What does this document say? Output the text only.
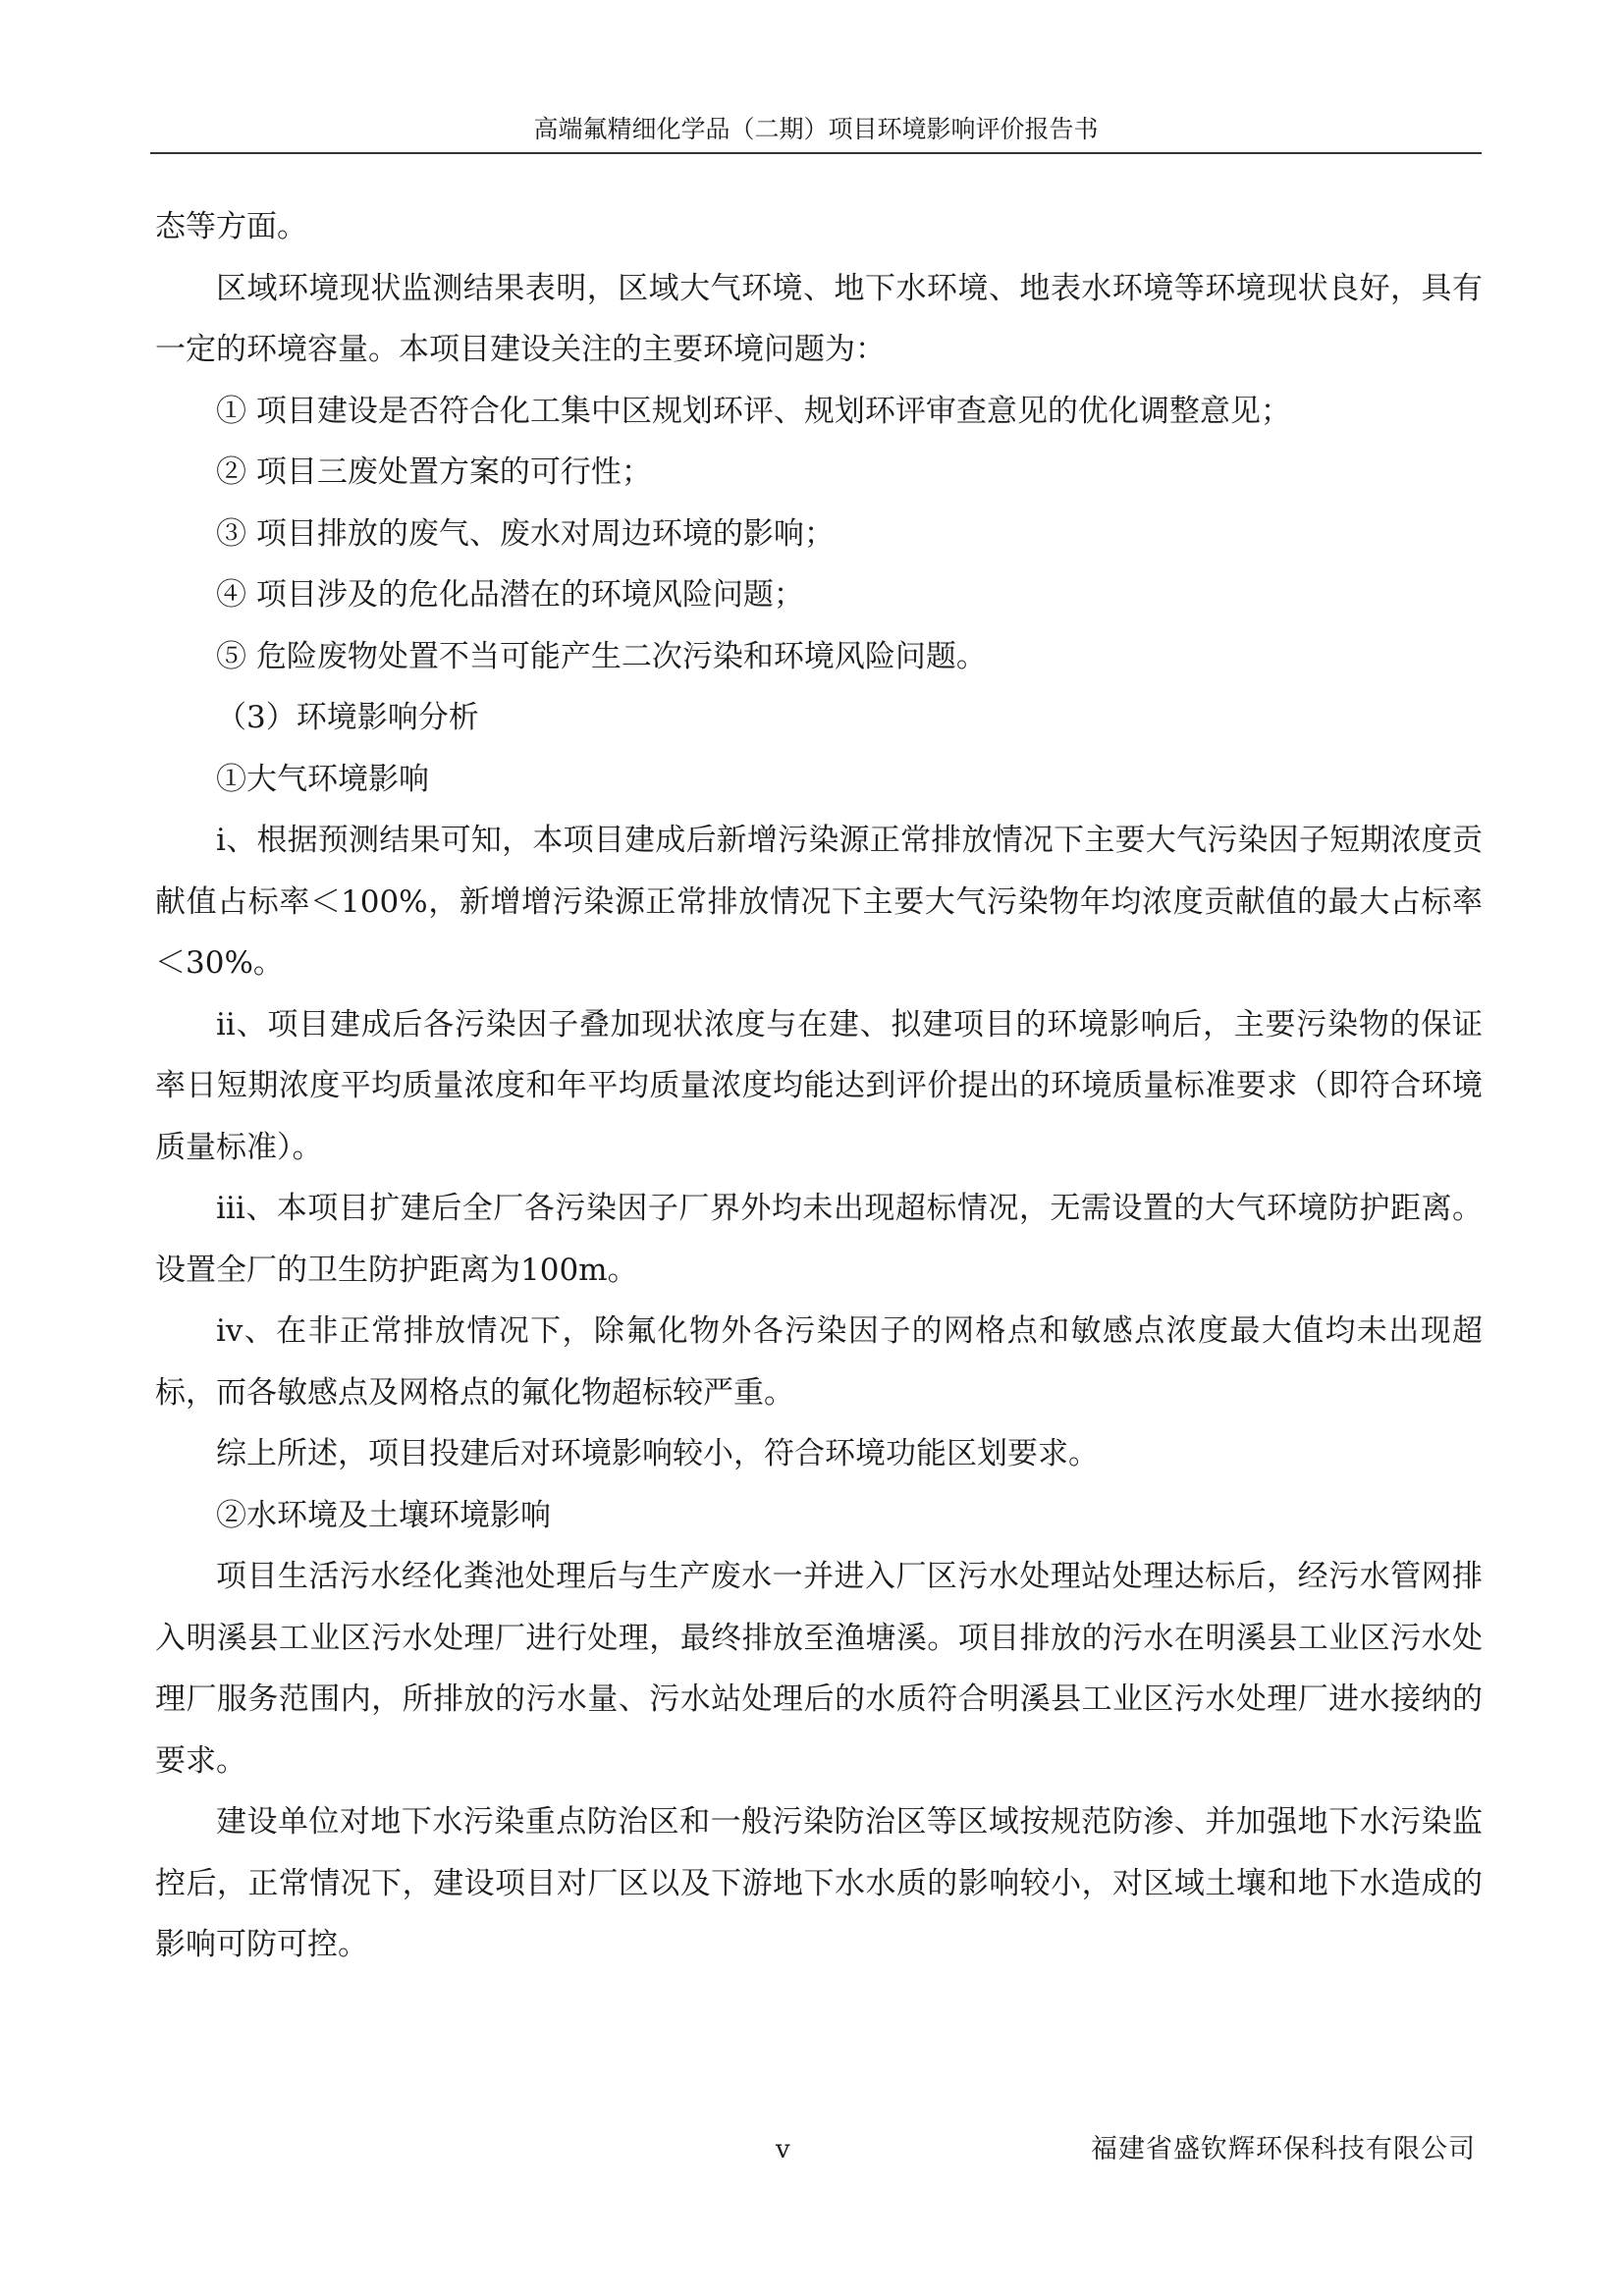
高端氟精细化学品（二期）项目环境影响评价报告书

态等方面。

区域环境现状监测结果表明，区域大气环境、地下水环境、地表水环境等环境现状良好，具有一定的环境容量。本项目建设关注的主要环境问题为：

① 项目建设是否符合化工集中区规划环评、规划环评审查意见的优化调整意见；

② 项目三废处置方案的可行性；

③ 项目排放的废气、废水对周边环境的影响；

④ 项目涉及的危化品潜在的环境风险问题；

⑤ 危险废物处置不当可能产生二次污染和环境风险问题。

（3）环境影响分析

①大气环境影响

i、根据预测结果可知，本项目建成后新增污染源正常排放情况下主要大气污染因子短期浓度贡献值占标率＜100%，新增增污染源正常排放情况下主要大气污染物年均浓度贡献值的最大占标率＜30%。

ii、项目建成后各污染因子叠加现状浓度与在建、拟建项目的环境影响后，主要污染物的保证率日短期浓度平均质量浓度和年平均质量浓度均能达到评价提出的环境质量标准要求（即符合环境质量标准）。

iii、本项目扩建后全厂各污染因子厂界外均未出现超标情况，无需设置的大气环境防护距离。设置全厂的卫生防护距离为100m。

iv、在非正常排放情况下，除氟化物外各污染因子的网格点和敏感点浓度最大值均未出现超标，而各敏感点及网格点的氟化物超标较严重。

综上所述，项目投建后对环境影响较小，符合环境功能区划要求。

②水环境及土壤环境影响

项目生活污水经化粪池处理后与生产废水一并进入厂区污水处理站处理达标后，经污水管网排入明溪县工业区污水处理厂进行处理，最终排放至渔塘溪。项目排放的污水在明溪县工业区污水处理厂服务范围内，所排放的污水量、污水站处理后的水质符合明溪县工业区污水处理厂进水接纳的要求。

建设单位对地下水污染重点防治区和一般污染防治区等区域按规范防渗、并加强地下水污染监控后，正常情况下，建设项目对厂区以及下游地下水水质的影响较小，对区域土壤和地下水造成的影响可防可控。

v	福建省盛钦辉环保科技有限公司
